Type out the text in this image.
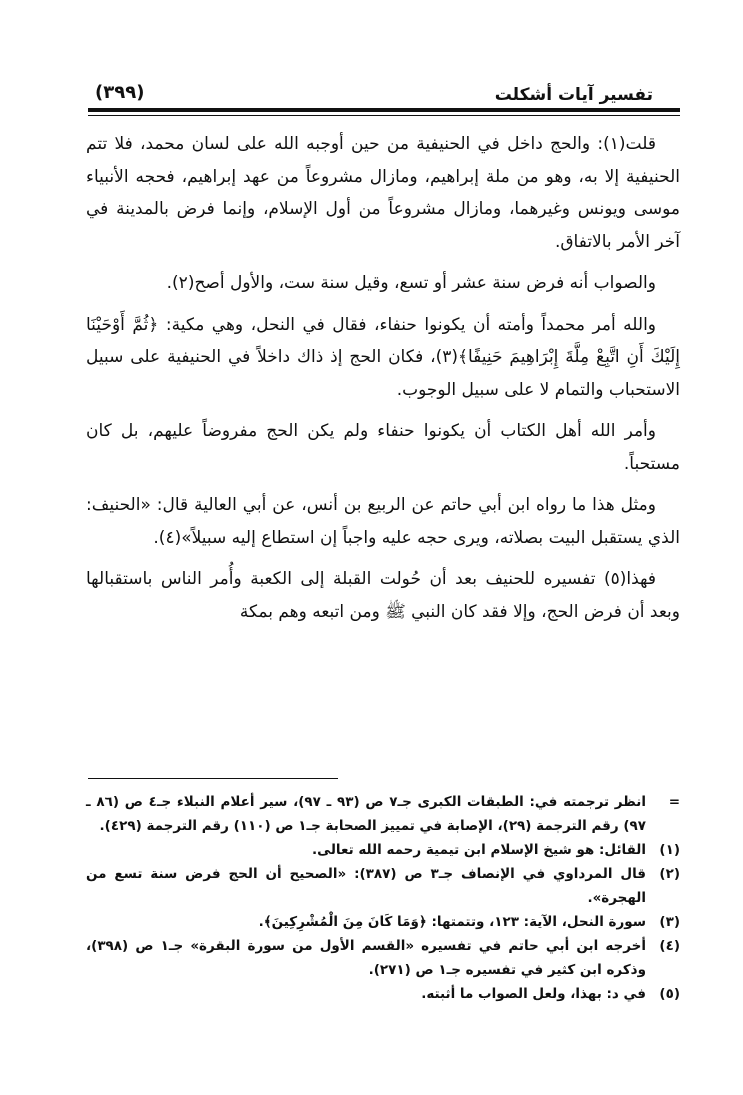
تفسير آيات أشكلت
(٣٩٩)

قلت(١): والحج داخل في الحنيفية من حين أوجبه الله على لسان محمد، فلا تتم الحنيفية إلا به، وهو من ملة إبراهيم، ومازال مشروعاً من عهد إبراهيم، فحجه الأنبياء موسى ويونس وغيرهما، ومازال مشروعاً من أول الإسلام، وإنما فرض بالمدينة في آخر الأمر بالاتفاق.

والصواب أنه فرض سنة عشر أو تسع، وقيل سنة ست، والأول أصح(٢).

والله أمر محمداً وأمته أن يكونوا حنفاء، فقال في النحل، وهي مكية: ﴿ثُمَّ أَوْحَيْنَا إِلَيْكَ أَنِ اتَّبِعْ مِلَّةَ إِبْرَاهِيمَ حَنِيفًا﴾(٣)، فكان الحج إذ ذاك داخلاً في الحنيفية على سبيل الاستحباب والتمام لا على سبيل الوجوب.

وأمر الله أهل الكتاب أن يكونوا حنفاء ولم يكن الحج مفروضاً عليهم، بل كان مستحباً.

ومثل هذا ما رواه ابن أبي حاتم عن الربيع بن أنس، عن أبي العالية قال: «الحنيف: الذي يستقبل البيت بصلاته، ويرى حجه عليه واجباً إن استطاع إليه سبيلاً»(٤).

فهذا(٥) تفسيره للحنيف بعد أن حُولت القبلة إلى الكعبة وأُمر الناس باستقبالها وبعد أن فرض الحج، وإلا فقد كان النبي ﷺ ومن اتبعه وهم بمكة

=
انظر ترجمته في: الطبقات الكبرى جـ٧ ص (٩٣ ـ ٩٧)، سير أعلام النبلاء جـ٤ ص (٨٦ ـ ٩٧) رقم الترجمة (٢٩)، الإصابة في تمييز الصحابة جـ١ ص (١١٠) رقم الترجمة (٤٢٩).
(١)
القائل: هو شيخ الإسلام ابن تيمية رحمه الله تعالى.
(٢)
قال المرداوي في الإنصاف جـ٣ ص (٣٨٧): «الصحيح أن الحج فرض سنة تسع من الهجرة».
(٣)
سورة النحل، الآية: ١٢٣، وتتمتها: ﴿وَمَا كَانَ مِنَ الْمُشْرِكِينَ﴾.
(٤)
أخرجه ابن أبي حاتم في تفسيره «القسم الأول من سورة البقرة» جـ١ ص (٣٩٨)، وذكره ابن كثير في تفسيره جـ١ ص (٢٧١).
(٥)
في د: بهذا، ولعل الصواب ما أثبته.
